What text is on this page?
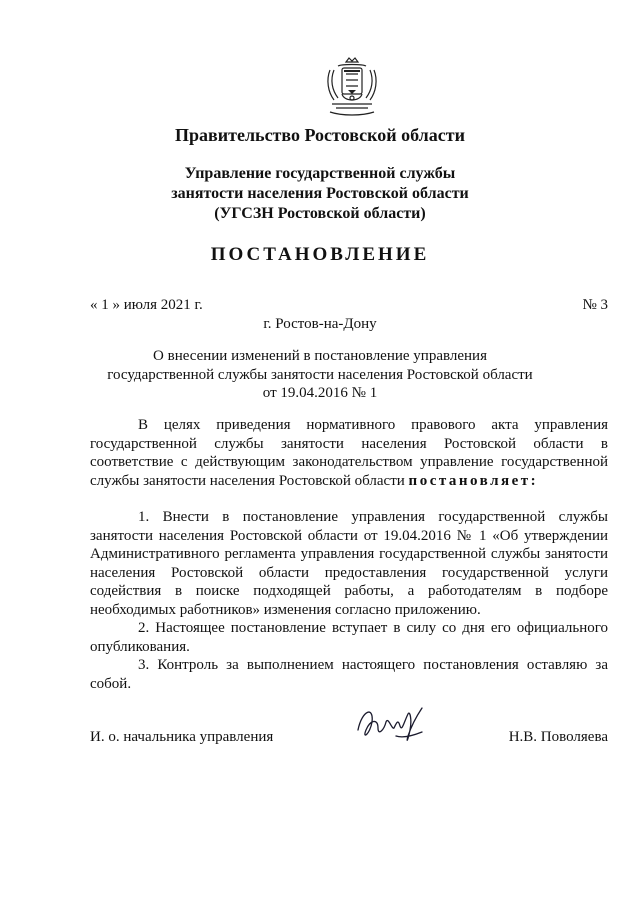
Правительство Ростовской области
Управление государственной службы
занятости населения Ростовской области
(УГСЗН Ростовской области)
ПОСТАНОВЛЕНИЕ
« 1 » июля 2021 г.	№ 3
г. Ростов-на-Дону
О внесении изменений в постановление управления
государственной службы занятости населения Ростовской области
от 19.04.2016 № 1

В целях приведения нормативного правового акта управления государственной службы занятости населения Ростовской области в соответствие с действующим законодательством управление государственной службы занятости населения Ростовской области постановляет:

1. Внести в постановление управления государственной службы занятости населения Ростовской области от 19.04.2016 № 1 «Об утверждении Административного регламента управления государственной службы занятости населения Ростовской области предоставления государственной услуги содействия в поиске подходящей работы, а работодателям в подборе необходимых работников» изменения согласно приложению.

2. Настоящее постановление вступает в силу со дня его официального опубликования.

3. Контроль за выполнением настоящего постановления оставляю за собой.

И. о. начальника управления	Н.В. Поволяева
